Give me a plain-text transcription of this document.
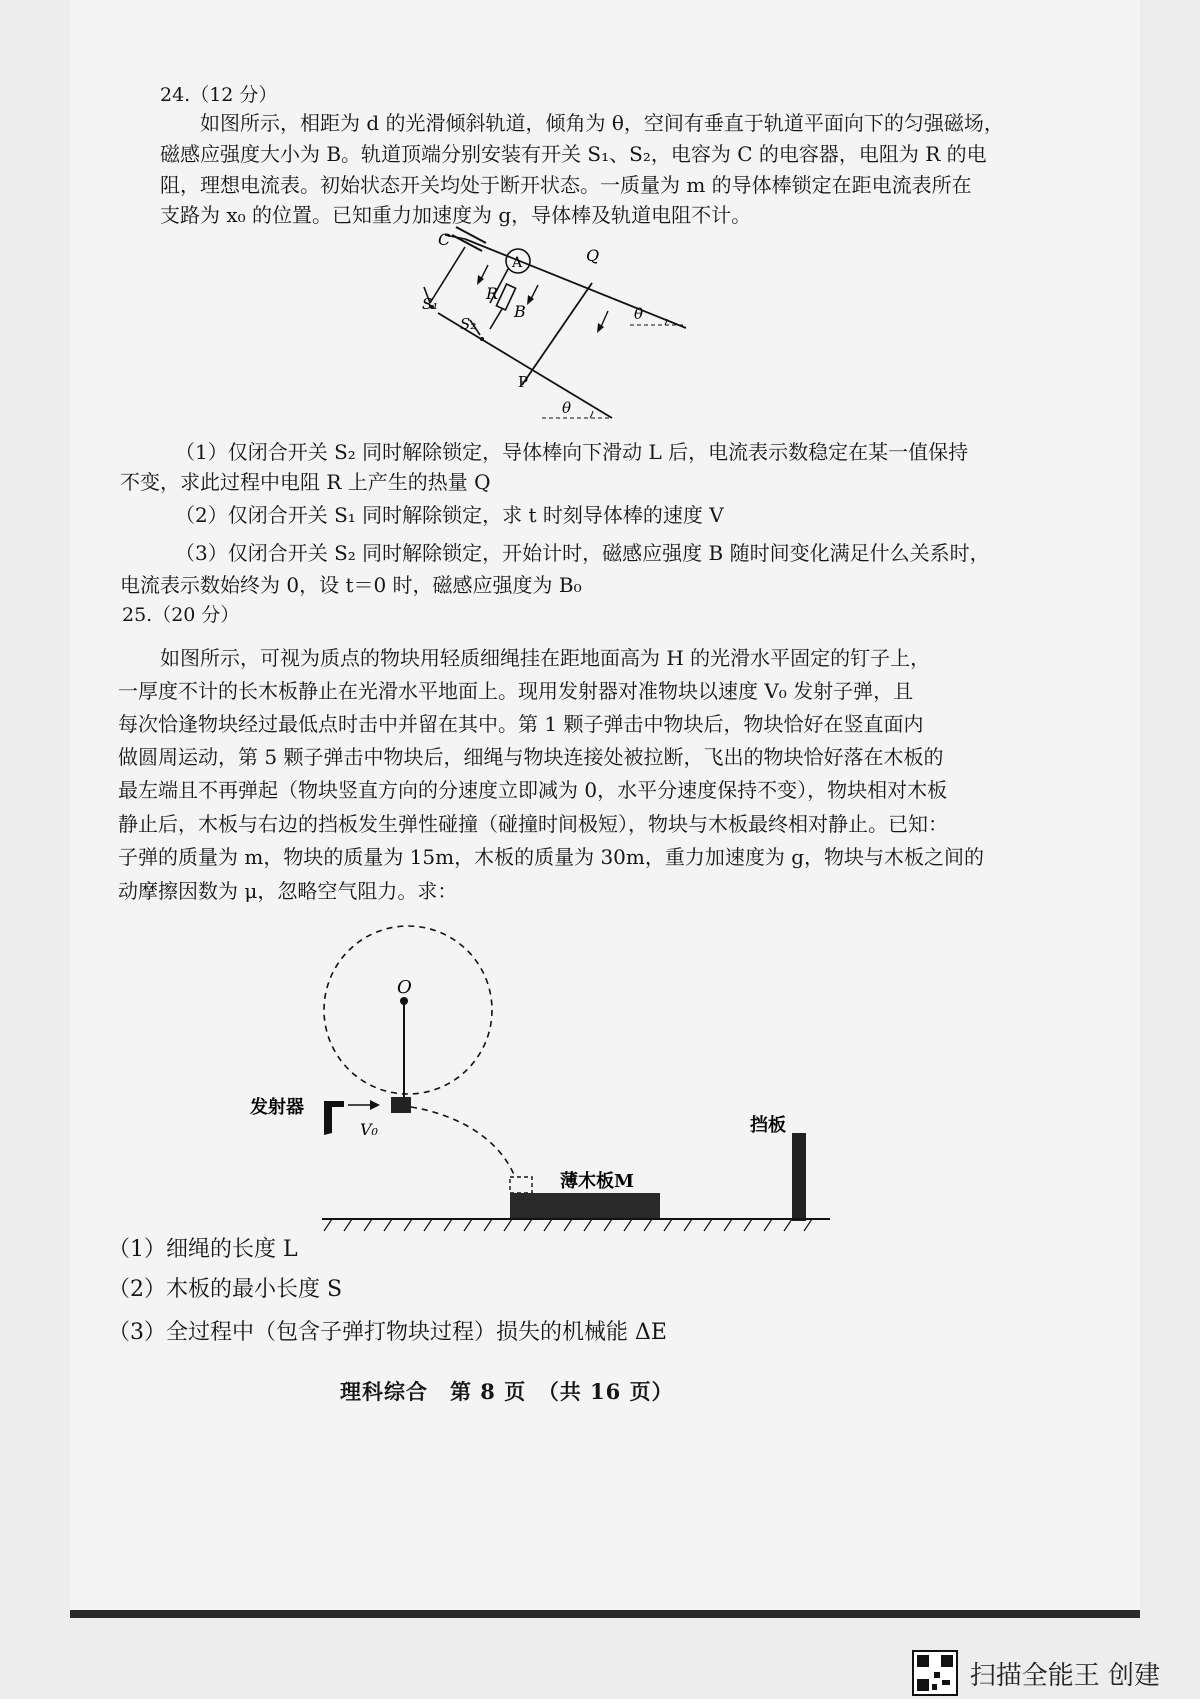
24.（12 分）
如图所示，相距为 d 的光滑倾斜轨道，倾角为 θ，空间有垂直于轨道平面向下的匀强磁场，
磁感应强度大小为 B。轨道顶端分别安装有开关 S₁、S₂，电容为 C 的电容器，电阻为 R 的电
阻，理想电流表。初始状态开关均处于断开状态。一质量为 m 的导体棒锁定在距电流表所在
支路为 x₀ 的位置。已知重力加速度为 g，导体棒及轨道电阻不计。
A
C
Q
R
B
S₁
S₂
P
θ
θ
（1）仅闭合开关 S₂ 同时解除锁定，导体棒向下滑动 L 后，电流表示数稳定在某一值保持
不变，求此过程中电阻 R 上产生的热量 Q
（2）仅闭合开关 S₁ 同时解除锁定，求 t 时刻导体棒的速度 V
（3）仅闭合开关 S₂ 同时解除锁定，开始计时，磁感应强度 B 随时间变化满足什么关系时，
电流表示数始终为 0，设 t＝0 时，磁感应强度为 B₀
25.（20 分）
如图所示，可视为质点的物块用轻质细绳挂在距地面高为 H 的光滑水平固定的钉子上，
一厚度不计的长木板静止在光滑水平地面上。现用发射器对准物块以速度 V₀ 发射子弹，且
每次恰逢物块经过最低点时击中并留在其中。第 1 颗子弹击中物块后，物块恰好在竖直面内
做圆周运动，第 5 颗子弹击中物块后，细绳与物块连接处被拉断，飞出的物块恰好落在木板的
最左端且不再弹起（物块竖直方向的分速度立即减为 0，水平分速度保持不变），物块相对木板
静止后，木板与右边的挡板发生弹性碰撞（碰撞时间极短），物块与木板最终相对静止。已知：
子弹的质量为 m，物块的质量为 15m，木板的质量为 30m，重力加速度为 g，物块与木板之间的
动摩擦因数为 μ，忽略空气阻力。求：
O
发射器
V₀
薄木板M
挡板
（1）细绳的长度 L
（2）木板的最小长度 S
（3）全过程中（包含子弹打物块过程）损失的机械能 ΔE
理科综合　第 8 页　（共 16 页）
扫描全能王 创建
